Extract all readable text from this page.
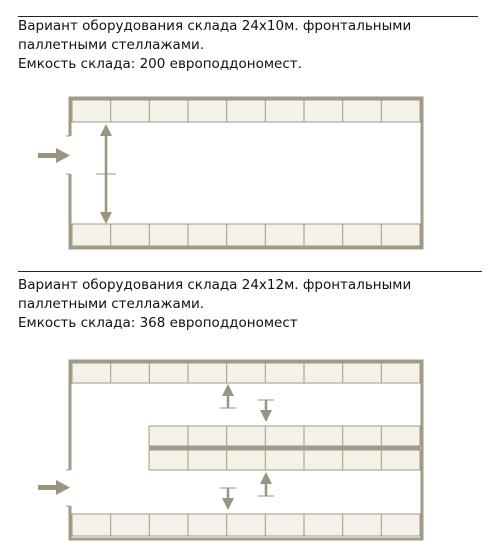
Вариант оборудования склада 24х10м. фронтальными
паллетными стеллажами.
Емкость склада: 200 европоддономест.
Вариант оборудования склада 24х12м. фронтальными
паллетными стеллажами.
Емкость склада: 368 европоддономест
